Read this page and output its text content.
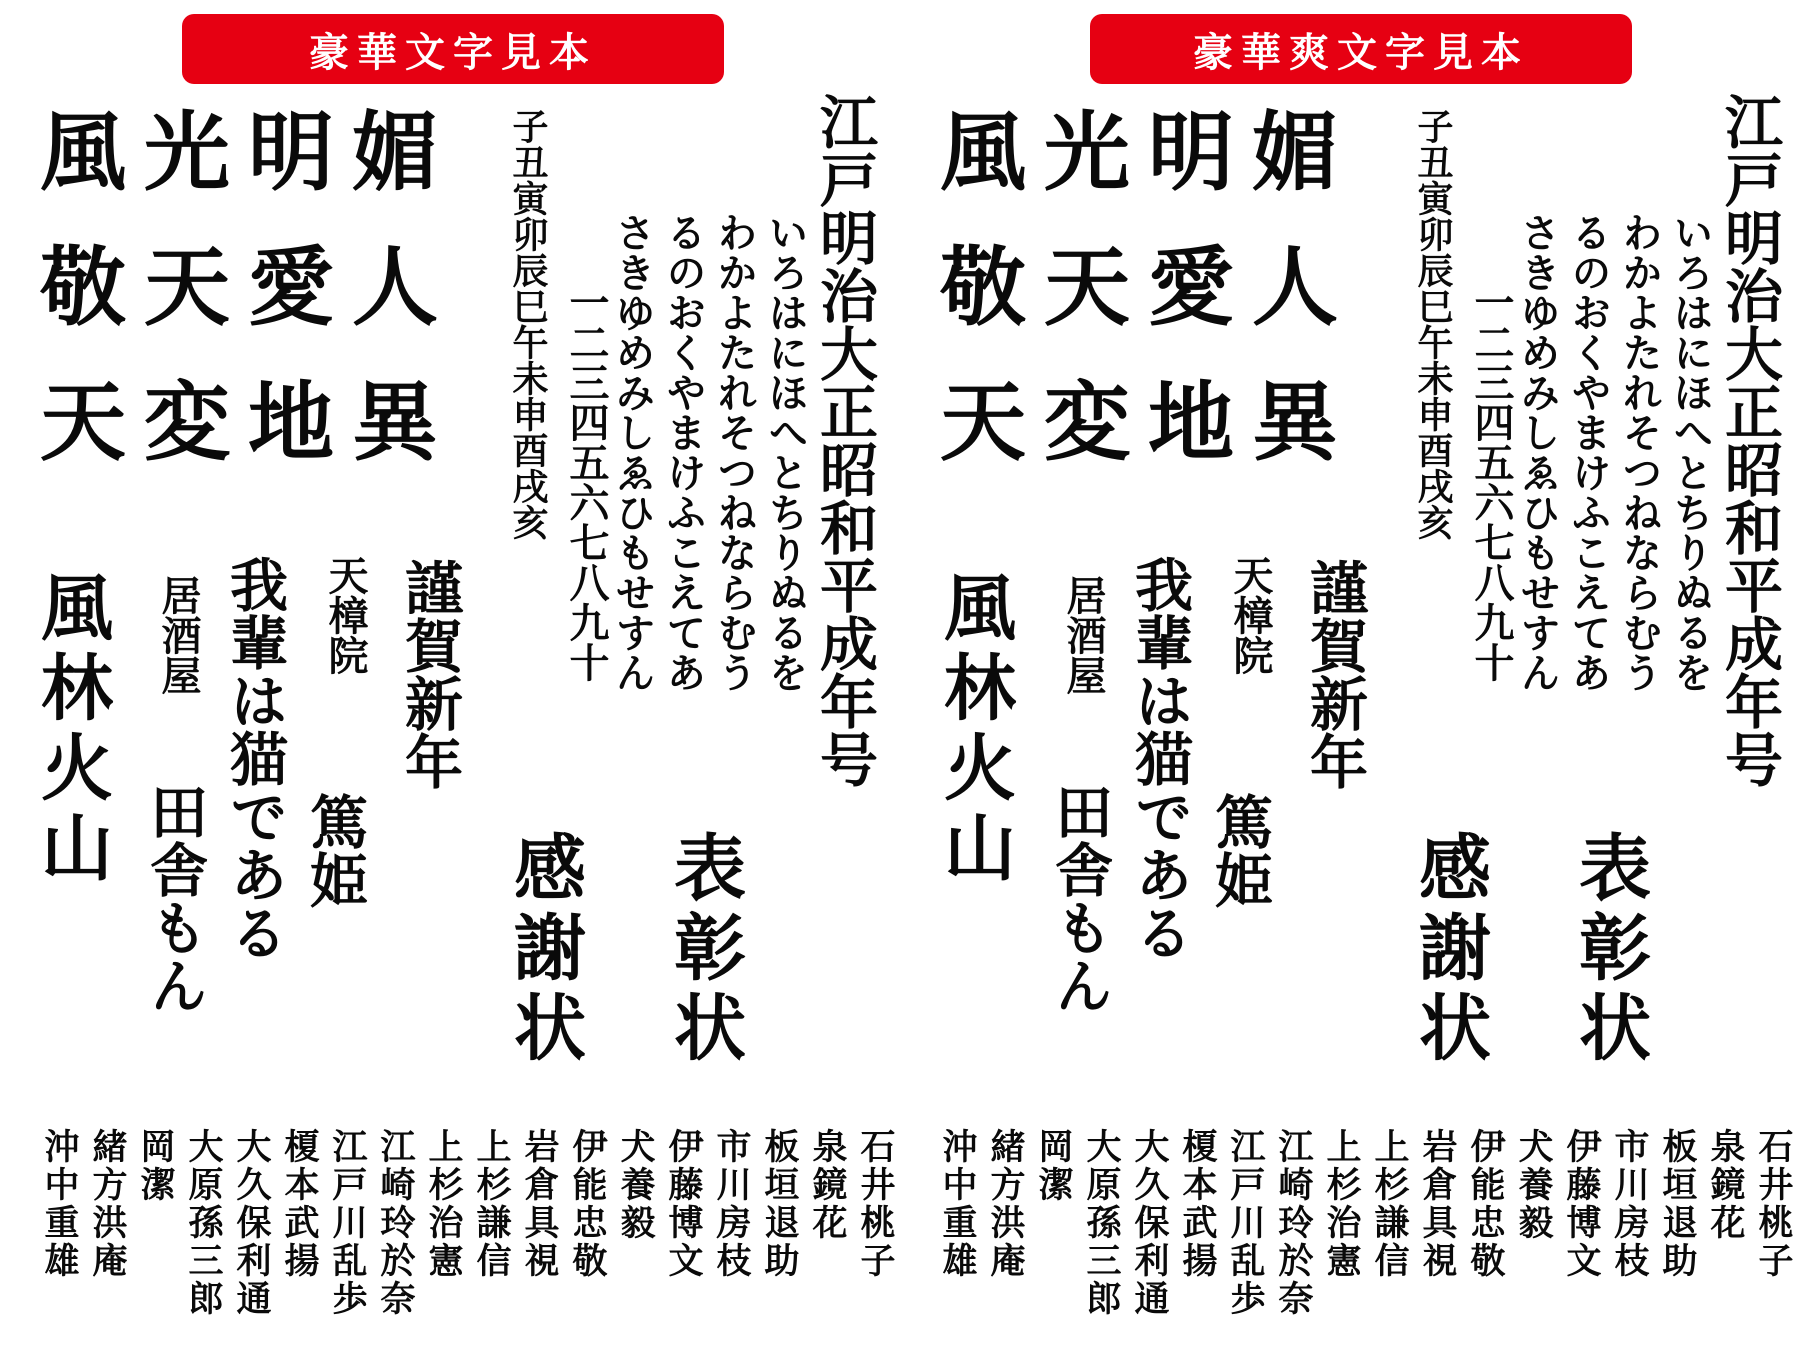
豪華文字見本
風光明媚
敬天愛人
天変地異	江戸明治大正昭和平成年号
いろはにほへとちりぬるを
わかよたれそつねならむう
るのおくやまけふこえてあ
さきゆめみしゑひもせすん
一二三四五六七八九十
子丑寅卯辰巳午未申酉戌亥
謹賀新年
天樟院
篤姫
我輩は猫である
居酒屋
田舎もん
風林火山
表彰状
感謝状
石井桃子
泉鏡花
板垣退助
市川房枝
伊藤博文
犬養毅
伊能忠敬
岩倉具視
上杉謙信
上杉治憲
江崎玲於奈
江戸川乱歩
榎本武揚
大久保利通
大原孫三郎
岡潔
緒方洪庵
沖中重雄
豪華爽文字見本
風光明媚
敬天愛人
天変地異	江戸明治大正昭和平成年号
いろはにほへとちりぬるを
わかよたれそつねならむう
るのおくやまけふこえてあ
さきゆめみしゑひもせすん
一二三四五六七八九十
子丑寅卯辰巳午未申酉戌亥
謹賀新年
天樟院
篤姫
我輩は猫である
居酒屋
田舎もん
風林火山
表彰状
感謝状
石井桃子
泉鏡花
板垣退助
市川房枝
伊藤博文
犬養毅
伊能忠敬
岩倉具視
上杉謙信
上杉治憲
江崎玲於奈
江戸川乱歩
榎本武揚
大久保利通
大原孫三郎
岡潔
緒方洪庵
沖中重雄
